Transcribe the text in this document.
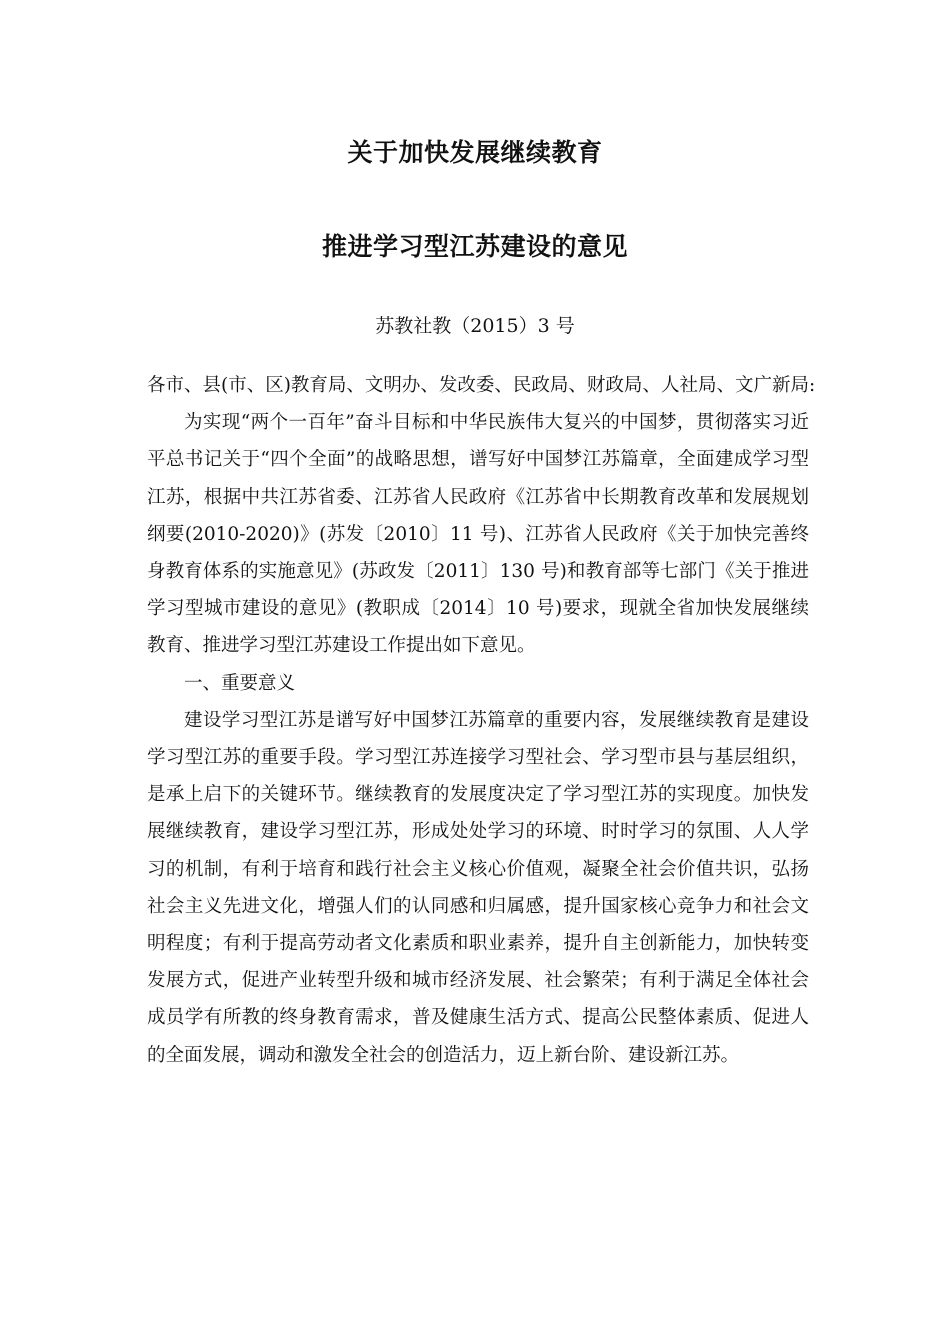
关于加快发展继续教育
推进学习型江苏建设的意见
苏教社教（2015）3 号

各市、县(市、区)教育局、文明办、发改委、民政局、财政局、人社局、文广新局:

为实现“两个一百年”奋斗目标和中华民族伟大复兴的中国梦，贯彻落实习近平总书记关于“四个全面”的战略思想，谱写好中国梦江苏篇章，全面建成学习型江苏，根据中共江苏省委、江苏省人民政府《江苏省中长期教育改革和发展规划纲要(2010-2020)》(苏发〔2010〕11 号)、江苏省人民政府《关于加快完善终身教育体系的实施意见》(苏政发〔2011〕130 号)和教育部等七部门《关于推进学习型城市建设的意见》(教职成〔2014〕10 号)要求，现就全省加快发展继续教育、推进学习型江苏建设工作提出如下意见。

一、重要意义

建设学习型江苏是谱写好中国梦江苏篇章的重要内容，发展继续教育是建设学习型江苏的重要手段。学习型江苏连接学习型社会、学习型市县与基层组织，是承上启下的关键环节。继续教育的发展度决定了学习型江苏的实现度。加快发展继续教育，建设学习型江苏，形成处处学习的环境、时时学习的氛围、人人学习的机制，有利于培育和践行社会主义核心价值观，凝聚全社会价值共识，弘扬社会主义先进文化，增强人们的认同感和归属感，提升国家核心竞争力和社会文明程度；有利于提高劳动者文化素质和职业素养，提升自主创新能力，加快转变发展方式，促进产业转型升级和城市经济发展、社会繁荣；有利于满足全体社会成员学有所教的终身教育需求，普及健康生活方式、提高公民整体素质、促进人的全面发展，调动和激发全社会的创造活力，迈上新台阶、建设新江苏。
